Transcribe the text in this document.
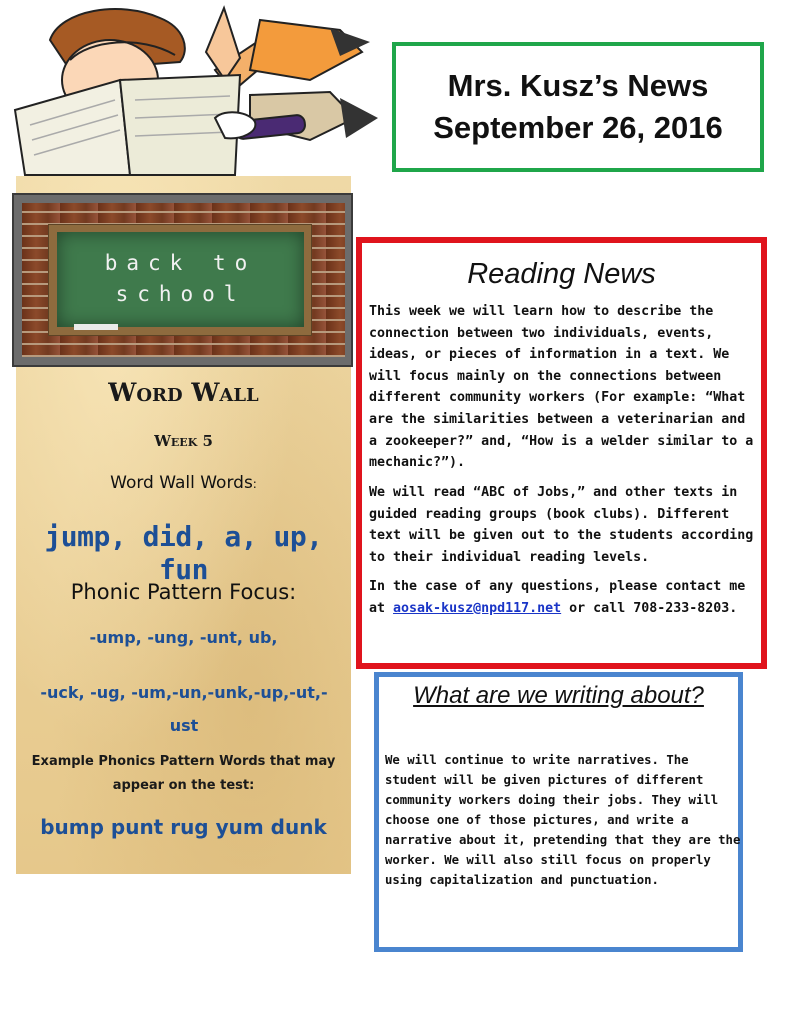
Mrs. Kusz’s News
September 26, 2016
back to
school
Word Wall
Week 5
Word Wall Words:
jump, did, a, up, fun
Phonic Pattern Focus:
-ump, -ung, -unt, ub,
-uck, -ug, -um,-un,-unk,-up,-ut,-ust
Example Phonics Pattern Words that may appear on the test:
bump punt rug yum dunk
Reading News

This week we will learn how to describe the connection between two individuals, events, ideas, or pieces of information in a text. We will focus mainly on the connections between different community workers (For example: “What are the similarities between a veterinarian and a zookeeper?” and, “How is a welder similar to a mechanic?”).

We will read “ABC of Jobs,” and other texts in guided reading groups (book clubs). Different text will be given out to the students according to their individual reading levels.

In the case of any questions, please contact me at aosak-kusz@npd117.net or call 708-233-8203.

What are we writing about?

We will continue to write narratives. The student will be given pictures of different community workers doing their jobs. They will choose one of those pictures, and write a narrative about it, pretending that they are the worker. We will also still focus on properly using capitalization and punctuation.
